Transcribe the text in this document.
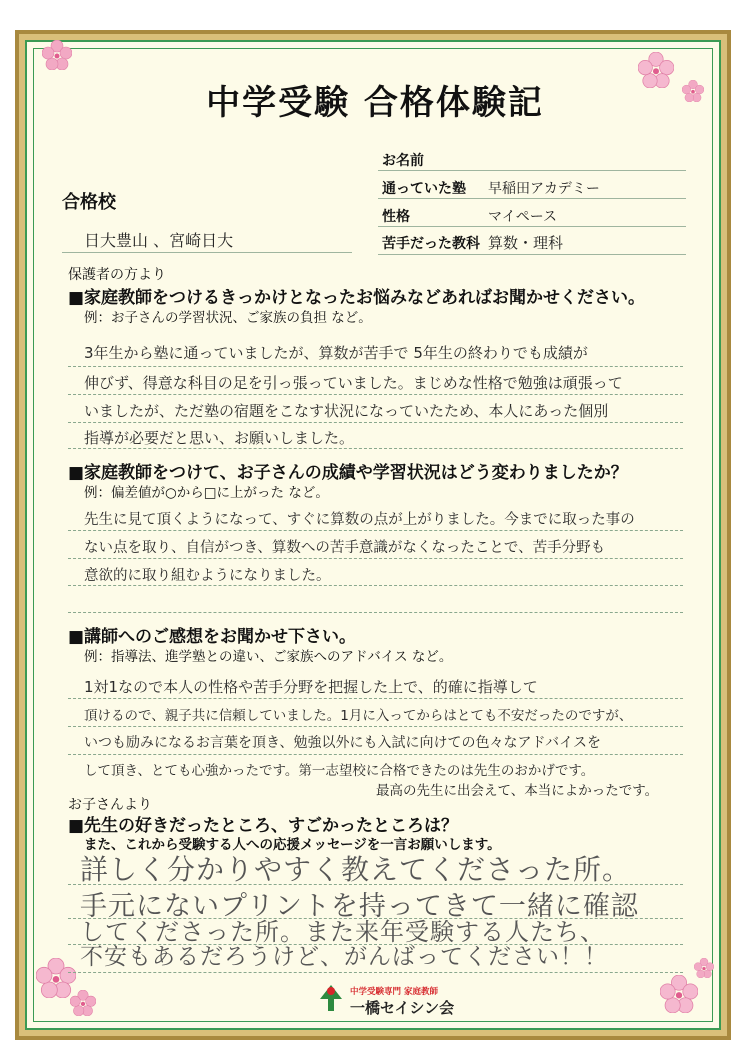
中学受験 合格体験記
お名前
通っていた塾 早稲田アカデミー
性格	マイペース
苦手だった教科 算数・理科
合格校
日大豊山 、宮崎日大
保護者の方より
■家庭教師をつけるきっかけとなったお悩みなどあればお聞かせください。
例：お子さんの学習状況、ご家族の負担 など。
3年生から塾に通っていましたが、算数が苦手で 5年生の終わりでも成績が
伸びず、得意な科目の足を引っ張っていました。まじめな性格で勉強は頑張って
いましたが、ただ塾の宿題をこなす状況になっていたため、本人にあった個別
指導が必要だと思い、お願いしました。
■家庭教師をつけて、お子さんの成績や学習状況はどう変わりましたか？
例：偏差値が○から□に上がった など。
先生に見て頂くようになって、すぐに算数の点が上がりました。今までに取った事の
ない点を取り、自信がつき、算数への苦手意識がなくなったことで、苦手分野も
意欲的に取り組むようになりました。
■講師へのご感想をお聞かせ下さい。
例：指導法、進学塾との違い、ご家族へのアドバイス など。
1対1なので本人の性格や苦手分野を把握した上で、的確に指導して
頂けるので、親子共に信頼していました。1月に入ってからはとても不安だったのですが、
いつも励みになるお言葉を頂き、勉強以外にも入試に向けての色々なアドバイスを
して頂き、とても心強かったです。第一志望校に合格できたのは先生のおかげです。
最高の先生に出会えて、本当によかったです。
お子さんより
■先生の好きだったところ、すごかったところは？
また、これから受験する人への応援メッセージを一言お願いします。
詳しく分かりやすく教えてくださった所。
手元にないプリントを持ってきて一緒に確認
してくださった所。また来年受験する人たち、
不安もあるだろうけど、がんばってください！！
中学受験専門 家庭教師
一橋セイシン会
